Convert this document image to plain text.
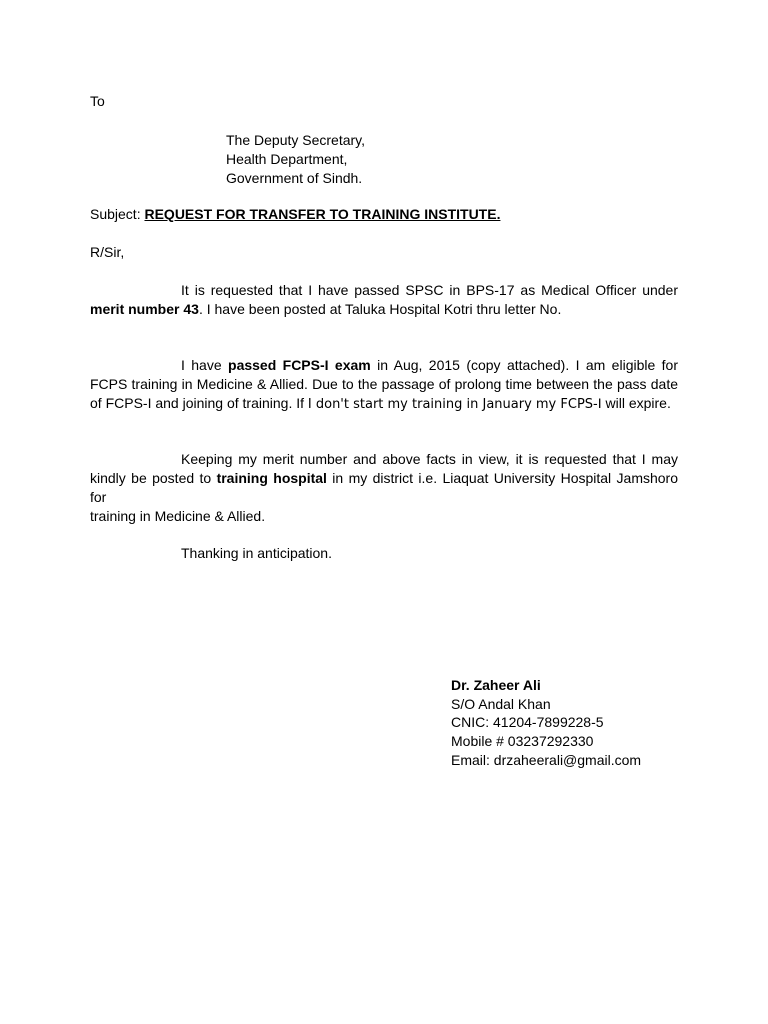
To
The Deputy Secretary,
Health Department,
Government of Sindh.
Subject: REQUEST FOR TRANSFER TO TRAINING INSTITUTE.
R/Sir,
It is requested that I have passed SPSC in BPS-17 as Medical Officer under
merit number 43. I have been posted at Taluka Hospital Kotri thru letter No.
I have passed FCPS-I exam in Aug, 2015 (copy attached). I am eligible for
FCPS training in Medicine & Allied. Due to the passage of prolong time between the pass date
of FCPS-I and joining of training. If I don't start my training in January my FCPS-I will expire.
Keeping my merit number and above facts in view, it is requested that I may
kindly be posted to training hospital in my district i.e. Liaquat University Hospital Jamshoro for
training in Medicine & Allied.
Thanking in anticipation.
Dr. Zaheer Ali
S/O Andal Khan
CNIC: 41204-7899228-5
Mobile # 03237292330
Email: drzaheerali@gmail.com
